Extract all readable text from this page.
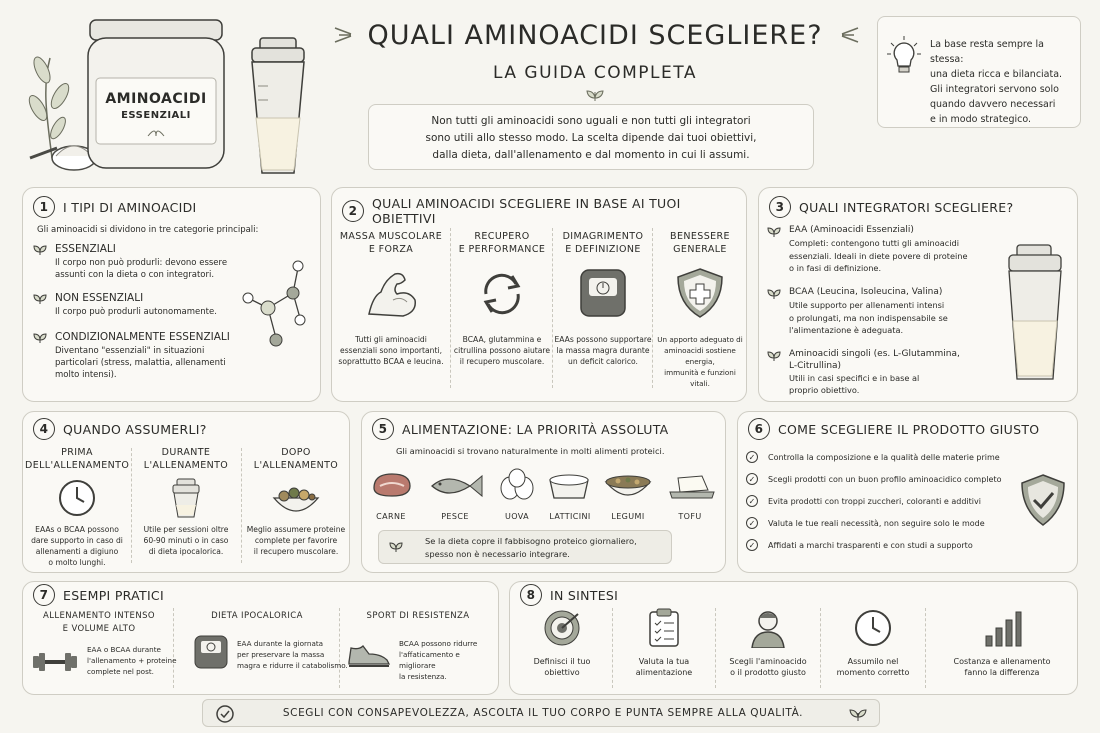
AMINOACIDI
ESSENZIALI
QUALI AMINOACIDI SCEGLIERE?
LA GUIDA COMPLETA
Non tutti gli aminoacidi sono uguali e non tutti gli integratori
sono utili allo stesso modo. La scelta dipende dai tuoi obiettivi,
dalla dieta, dall'allenamento e dal momento in cui li assumi.
La base resta sempre la stessa:
una dieta ricca e bilanciata.
Gli integratori servono solo
quando davvero necessari
e in modo strategico.
1	I TIPI DI AMINOACIDI
Gli aminoacidi si dividono in tre categorie principali:
ESSENZIALI
Il corpo non può produrli: devono essere
assunti con la dieta o con integratori.
NON ESSENZIALI
Il corpo può produrli autonomamente.
CONDIZIONALMENTE ESSENZIALI
Diventano "essenziali" in situazioni
particolari (stress, malattia, allenamenti
molto intensi).
2	QUALI AMINOACIDI SCEGLIERE IN BASE AI TUOI OBIETTIVI
MASSA MUSCOLARE
E FORZA
Tutti gli aminoacidi
essenziali sono importanti,
soprattutto BCAA e leucina.
RECUPERO
E PERFORMANCE
BCAA, glutammina e
citrullina possono aiutare
il recupero muscolare.
DIMAGRIMENTO
E DEFINIZIONE
EAAs possono supportare
la massa magra durante
un deficit calorico.
BENESSERE
GENERALE
Un apporto adeguato di
aminoacidi sostiene energia,
immunità e funzioni vitali.
3	QUALI INTEGRATORI SCEGLIERE?
EAA (Aminoacidi Essenziali)
Completi: contengono tutti gli aminoacidi
essenziali. Ideali in diete povere di proteine
o in fasi di definizione.
BCAA (Leucina, Isoleucina, Valina)
Utile supporto per allenamenti intensi
o prolungati, ma non indispensabile se
l'alimentazione è adeguata.
Aminoacidi singoli (es. L-Glutammina,
L-Citrullina)
Utili in casi specifici e in base al
proprio obiettivo.
4	QUANDO ASSUMERLI?
PRIMA
DELL'ALLENAMENTO
EAAs o BCAA possono
dare supporto in caso di
allenamenti a digiuno
o molto lunghi.
DURANTE
L'ALLENAMENTO
Utile per sessioni oltre
60-90 minuti o in caso
di dieta ipocalorica.
DOPO
L'ALLENAMENTO
Meglio assumere proteine
complete per favorire
il recupero muscolare.
5	ALIMENTAZIONE: LA PRIORITÀ ASSOLUTA
Gli aminoacidi si trovano naturalmente in molti alimenti proteici.
CARNE	PESCE	UOVA	LATTICINI	LEGUMI	TOFU
Se la dieta copre il fabbisogno proteico giornaliero,
spesso non è necessario integrare.
6	COME SCEGLIERE IL PRODOTTO GIUSTO
✓	Controlla la composizione e la qualità delle materie prime
✓	Scegli prodotti con un buon profilo aminoacidico completo
✓	Evita prodotti con troppi zuccheri, coloranti e additivi
✓	Valuta le tue reali necessità, non seguire solo le mode
✓	Affidati a marchi trasparenti e con studi a supporto
7	ESEMPI PRATICI
ALLENAMENTO INTENSO
E VOLUME ALTO
EAA o BCAA durante
l'allenamento + proteine
complete nel post.
DIETA IPOCALORICA
EAA durante la giornata
per preservare la massa
magra e ridurre il catabolismo.
SPORT DI RESISTENZA
BCAA possono ridurre
l'affaticamento e migliorare
la resistenza.
8	IN SINTESI
Definisci il tuo
obiettivo
Valuta la tua
alimentazione
Scegli l'aminoacido
o il prodotto giusto
Assumilo nel
momento corretto
Costanza e allenamento
fanno la differenza
SCEGLI CON CONSAPEVOLEZZA, ASCOLTA IL TUO CORPO E PUNTA SEMPRE ALLA QUALITÀ.
